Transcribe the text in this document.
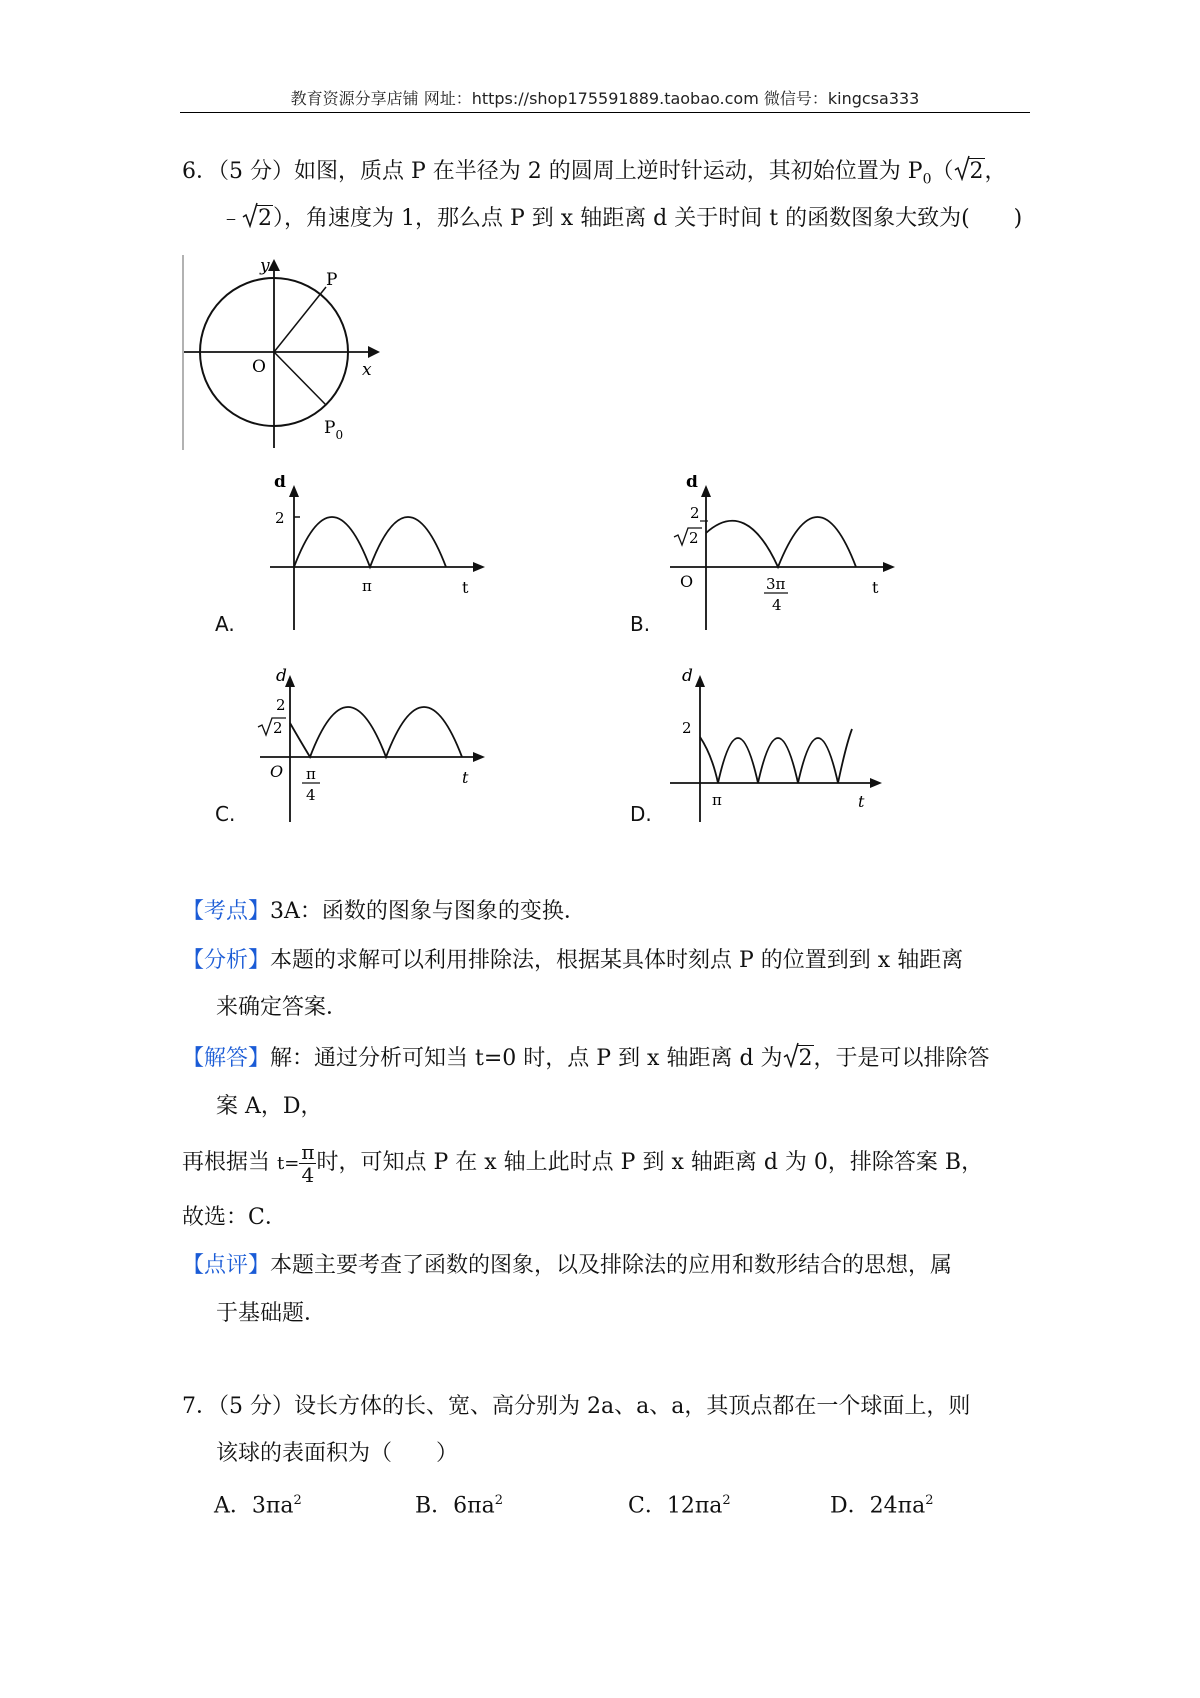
教育资源分享店铺 网址：https://shop175591889.taobao.com 微信号：kingcsa333
6．（5 分）如图，质点 P 在半径为 2 的圆周上逆时针运动，其初始位置为 $P_0$（ 2，
﹣ 2），角速度为 1，那么点 P 到 x 轴距离 d 关于时间 t 的函数图象大致为(　　)
y
P
O	x
$P_0$
A.
d
2
π	t
B.
d
2
2
O	3π
4
t
C.
d
2
2
O π
4
t
D.
d
2
π	t
【考点】3A：函数的图象与图象的变换．
【分析】本题的求解可以利用排除法，根据某具体时刻点 P 的位置到到 x 轴距离
来确定答案．
【解答】解：通过分析可知当 t=0 时，点 P 到 x 轴距离 d 为 2，于是可以排除答
案 A，D，
再根据当 $t= \frac{\pi}{4}$ 时，可知点 P 在 x 轴上此时点 P 到 x 轴距离 d 为 0，排除答案 B，
故选：C．
【点评】本题主要考查了函数的图象，以及排除法的应用和数形结合的思想，属
于基础题．
7．（5 分）设长方体的长、宽、高分别为 2a、a、a，其顶点都在一个球面上，则
该球的表面积为（　　）
A．$3\pi a^2$	B．$6\pi a^2$	C．$12\pi a^2$	D．$24\pi a^2$
